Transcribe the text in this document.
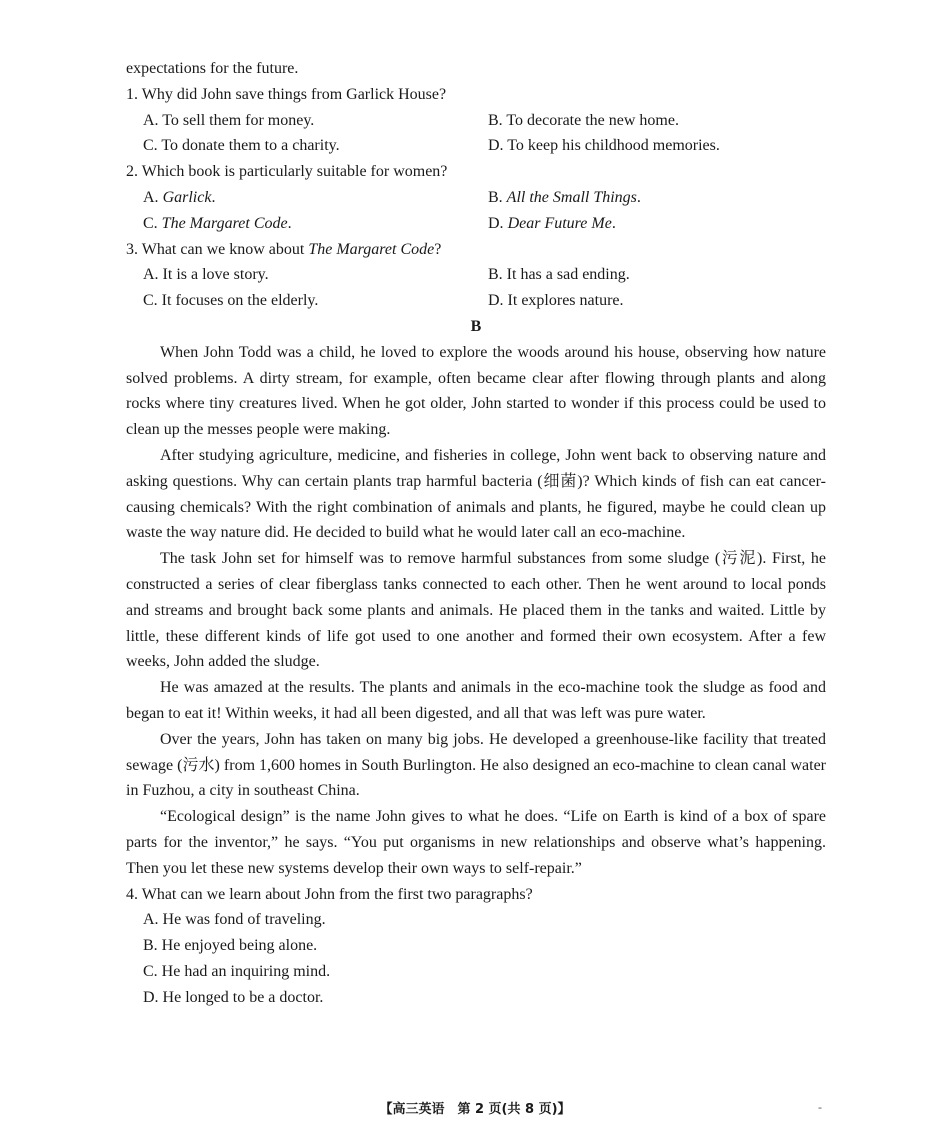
expectations for the future.
1. Why did John save things from Garlick House?
A. To sell them for money.	B. To decorate the new home.
C. To donate them to a charity.	D. To keep his childhood memories.
2. Which book is particularly suitable for women?
A. Garlick.	B. All the Small Things.
C. The Margaret Code.	D. Dear Future Me.
3. What can we know about The Margaret Code?
A. It is a love story.	B. It has a sad ending.
C. It focuses on the elderly.	D. It explores nature.
B

When John Todd was a child, he loved to explore the woods around his house, observing how nature solved problems. A dirty stream, for example, often became clear after flowing through plants and along rocks where tiny creatures lived. When he got older, John started to wonder if this process could be used to clean up the messes people were making.

After studying agriculture, medicine, and fisheries in college, John went back to observing nature and asking questions. Why can certain plants trap harmful bacteria (细菌)? Which kinds of fish can eat cancer-causing chemicals? With the right combination of animals and plants, he figured, maybe he could clean up waste the way nature did. He decided to build what he would later call an eco-machine.

The task John set for himself was to remove harmful substances from some sludge (污泥). First, he constructed a series of clear fiberglass tanks connected to each other. Then he went around to local ponds and streams and brought back some plants and animals. He placed them in the tanks and waited. Little by little, these different kinds of life got used to one another and formed their own ecosystem. After a few weeks, John added the sludge.

He was amazed at the results. The plants and animals in the eco-machine took the sludge as food and began to eat it! Within weeks, it had all been digested, and all that was left was pure water.

Over the years, John has taken on many big jobs. He developed a greenhouse-like facility that treated sewage (污水) from 1,600 homes in South Burlington. He also designed an eco-machine to clean canal water in Fuzhou, a city in southeast China.

“Ecological design” is the name John gives to what he does. “Life on Earth is kind of a box of spare parts for the inventor,” he says. “You put organisms in new relationships and observe what’s happening. Then you let these new systems develop their own ways to self-repair.”

4. What can we learn about John from the first two paragraphs?
A. He was fond of traveling.
B. He enjoyed being alone.
C. He had an inquiring mind.
D. He longed to be a doctor.
【高三英语　第 2 页(共 8 页)】	-
